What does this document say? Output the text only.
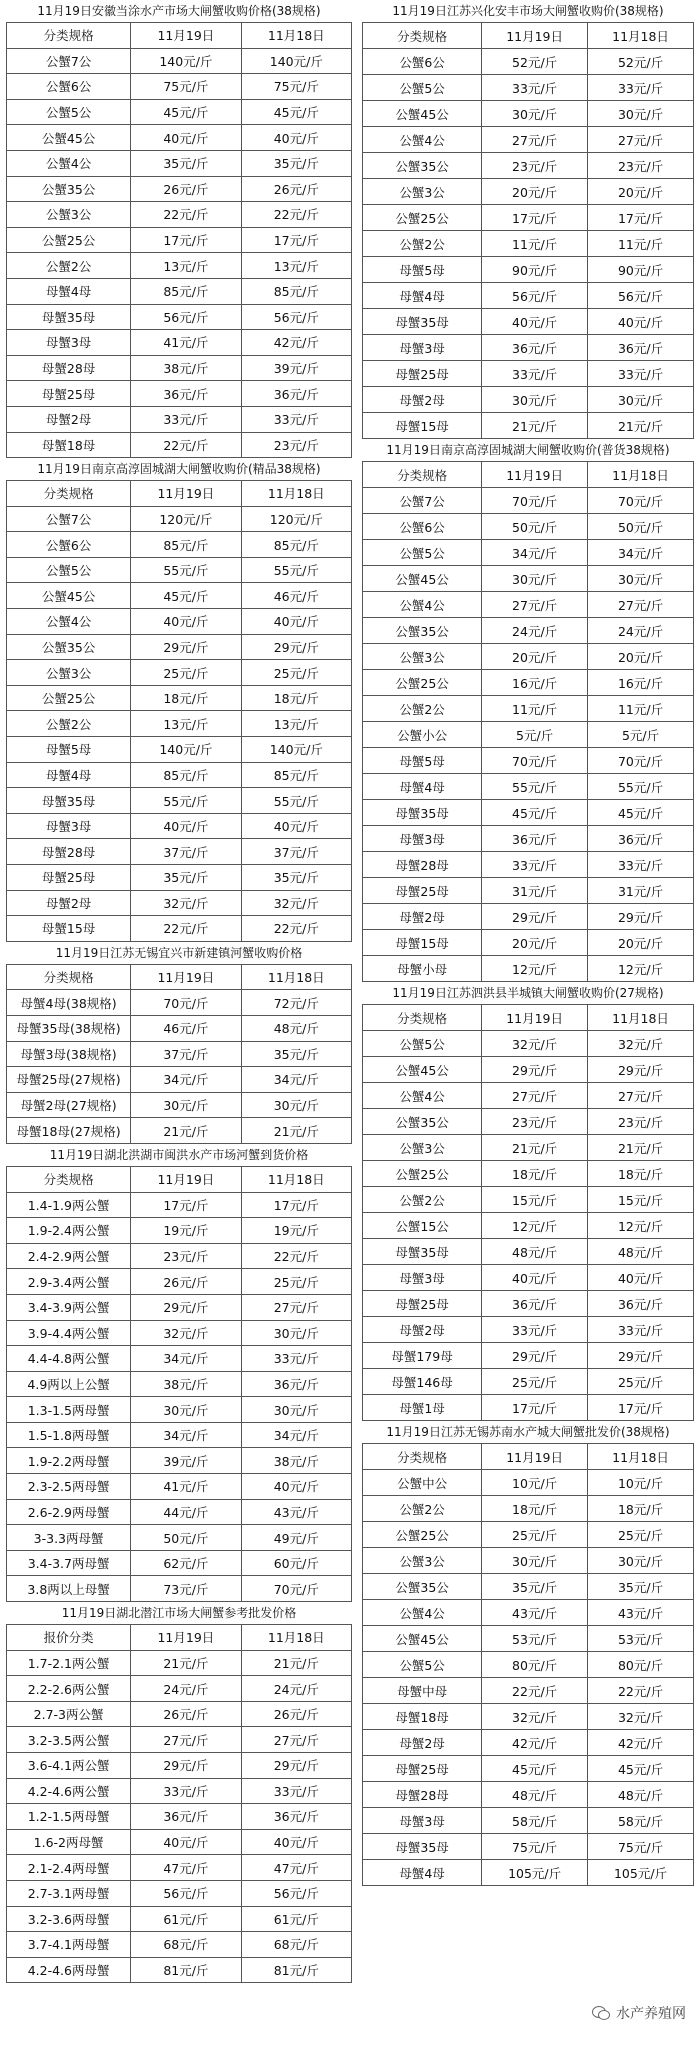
11月19日安徽当涂水产市场大闸蟹收购价格(38规格)
分类规格	11月19日	11月18日
公蟹7公	140元/斤	140元/斤
公蟹6公	75元/斤	75元/斤
公蟹5公	45元/斤	45元/斤
公蟹45公	40元/斤	40元/斤
公蟹4公	35元/斤	35元/斤
公蟹35公	26元/斤	26元/斤
公蟹3公	22元/斤	22元/斤
公蟹25公	17元/斤	17元/斤
公蟹2公	13元/斤	13元/斤
母蟹4母	85元/斤	85元/斤
母蟹35母	56元/斤	56元/斤
母蟹3母	41元/斤	42元/斤
母蟹28母	38元/斤	39元/斤
母蟹25母	36元/斤	36元/斤
母蟹2母	33元/斤	33元/斤
母蟹18母	22元/斤	23元/斤
11月19日南京高淳固城湖大闸蟹收购价(精品38规格)
分类规格	11月19日	11月18日
公蟹7公	120元/斤	120元/斤
公蟹6公	85元/斤	85元/斤
公蟹5公	55元/斤	55元/斤
公蟹45公	45元/斤	46元/斤
公蟹4公	40元/斤	40元/斤
公蟹35公	29元/斤	29元/斤
公蟹3公	25元/斤	25元/斤
公蟹25公	18元/斤	18元/斤
公蟹2公	13元/斤	13元/斤
母蟹5母	140元/斤	140元/斤
母蟹4母	85元/斤	85元/斤
母蟹35母	55元/斤	55元/斤
母蟹3母	40元/斤	40元/斤
母蟹28母	37元/斤	37元/斤
母蟹25母	35元/斤	35元/斤
母蟹2母	32元/斤	32元/斤
母蟹15母	22元/斤	22元/斤
11月19日江苏无锡宜兴市新建镇河蟹收购价格
分类规格	11月19日	11月18日
母蟹4母(38规格)	70元/斤	72元/斤
母蟹35母(38规格)	46元/斤	48元/斤
母蟹3母(38规格)	37元/斤	35元/斤
母蟹25母(27规格)	34元/斤	34元/斤
母蟹2母(27规格)	30元/斤	30元/斤
母蟹18母(27规格)	21元/斤	21元/斤
11月19日湖北洪湖市闽洪水产市场河蟹到货价格
分类规格	11月19日	11月18日
1.4-1.9两公蟹	17元/斤	17元/斤
1.9-2.4两公蟹	19元/斤	19元/斤
2.4-2.9两公蟹	23元/斤	22元/斤
2.9-3.4两公蟹	26元/斤	25元/斤
3.4-3.9两公蟹	29元/斤	27元/斤
3.9-4.4两公蟹	32元/斤	30元/斤
4.4-4.8两公蟹	34元/斤	33元/斤
4.9两以上公蟹	38元/斤	36元/斤
1.3-1.5两母蟹	30元/斤	30元/斤
1.5-1.8两母蟹	34元/斤	34元/斤
1.9-2.2两母蟹	39元/斤	38元/斤
2.3-2.5两母蟹	41元/斤	40元/斤
2.6-2.9两母蟹	44元/斤	43元/斤
3-3.3两母蟹	50元/斤	49元/斤
3.4-3.7两母蟹	62元/斤	60元/斤
3.8两以上母蟹	73元/斤	70元/斤
11月19日湖北潜江市场大闸蟹参考批发价格
报价分类	11月19日	11月18日
1.7-2.1两公蟹	21元/斤	21元/斤
2.2-2.6两公蟹	24元/斤	24元/斤
2.7-3两公蟹	26元/斤	26元/斤
3.2-3.5两公蟹	27元/斤	27元/斤
3.6-4.1两公蟹	29元/斤	29元/斤
4.2-4.6两公蟹	33元/斤	33元/斤
1.2-1.5两母蟹	36元/斤	36元/斤
1.6-2两母蟹	40元/斤	40元/斤
2.1-2.4两母蟹	47元/斤	47元/斤
2.7-3.1两母蟹	56元/斤	56元/斤
3.2-3.6两母蟹	61元/斤	61元/斤
3.7-4.1两母蟹	68元/斤	68元/斤
4.2-4.6两母蟹	81元/斤	81元/斤
11月19日江苏兴化安丰市场大闸蟹收购价(38规格)
分类规格	11月19日	11月18日
公蟹6公	52元/斤	52元/斤
公蟹5公	33元/斤	33元/斤
公蟹45公	30元/斤	30元/斤
公蟹4公	27元/斤	27元/斤
公蟹35公	23元/斤	23元/斤
公蟹3公	20元/斤	20元/斤
公蟹25公	17元/斤	17元/斤
公蟹2公	11元/斤	11元/斤
母蟹5母	90元/斤	90元/斤
母蟹4母	56元/斤	56元/斤
母蟹35母	40元/斤	40元/斤
母蟹3母	36元/斤	36元/斤
母蟹25母	33元/斤	33元/斤
母蟹2母	30元/斤	30元/斤
母蟹15母	21元/斤	21元/斤
11月19日南京高淳固城湖大闸蟹收购价(普货38规格)
分类规格	11月19日	11月18日
公蟹7公	70元/斤	70元/斤
公蟹6公	50元/斤	50元/斤
公蟹5公	34元/斤	34元/斤
公蟹45公	30元/斤	30元/斤
公蟹4公	27元/斤	27元/斤
公蟹35公	24元/斤	24元/斤
公蟹3公	20元/斤	20元/斤
公蟹25公	16元/斤	16元/斤
公蟹2公	11元/斤	11元/斤
公蟹小公	5元/斤	5元/斤
母蟹5母	70元/斤	70元/斤
母蟹4母	55元/斤	55元/斤
母蟹35母	45元/斤	45元/斤
母蟹3母	36元/斤	36元/斤
母蟹28母	33元/斤	33元/斤
母蟹25母	31元/斤	31元/斤
母蟹2母	29元/斤	29元/斤
母蟹15母	20元/斤	20元/斤
母蟹小母	12元/斤	12元/斤
11月19日江苏泗洪县半城镇大闸蟹收购价(27规格)
分类规格	11月19日	11月18日
公蟹5公	32元/斤	32元/斤
公蟹45公	29元/斤	29元/斤
公蟹4公	27元/斤	27元/斤
公蟹35公	23元/斤	23元/斤
公蟹3公	21元/斤	21元/斤
公蟹25公	18元/斤	18元/斤
公蟹2公	15元/斤	15元/斤
公蟹15公	12元/斤	12元/斤
母蟹35母	48元/斤	48元/斤
母蟹3母	40元/斤	40元/斤
母蟹25母	36元/斤	36元/斤
母蟹2母	33元/斤	33元/斤
母蟹179母	29元/斤	29元/斤
母蟹146母	25元/斤	25元/斤
母蟹1母	17元/斤	17元/斤
11月19日江苏无锡苏南水产城大闸蟹批发价(38规格)
分类规格	11月19日	11月18日
公蟹中公	10元/斤	10元/斤
公蟹2公	18元/斤	18元/斤
公蟹25公	25元/斤	25元/斤
公蟹3公	30元/斤	30元/斤
公蟹35公	35元/斤	35元/斤
公蟹4公	43元/斤	43元/斤
公蟹45公	53元/斤	53元/斤
公蟹5公	80元/斤	80元/斤
母蟹中母	22元/斤	22元/斤
母蟹18母	32元/斤	32元/斤
母蟹2母	42元/斤	42元/斤
母蟹25母	45元/斤	45元/斤
母蟹28母	48元/斤	48元/斤
母蟹3母	58元/斤	58元/斤
母蟹35母	75元/斤	75元/斤
母蟹4母	105元/斤	105元/斤
水产养殖网
